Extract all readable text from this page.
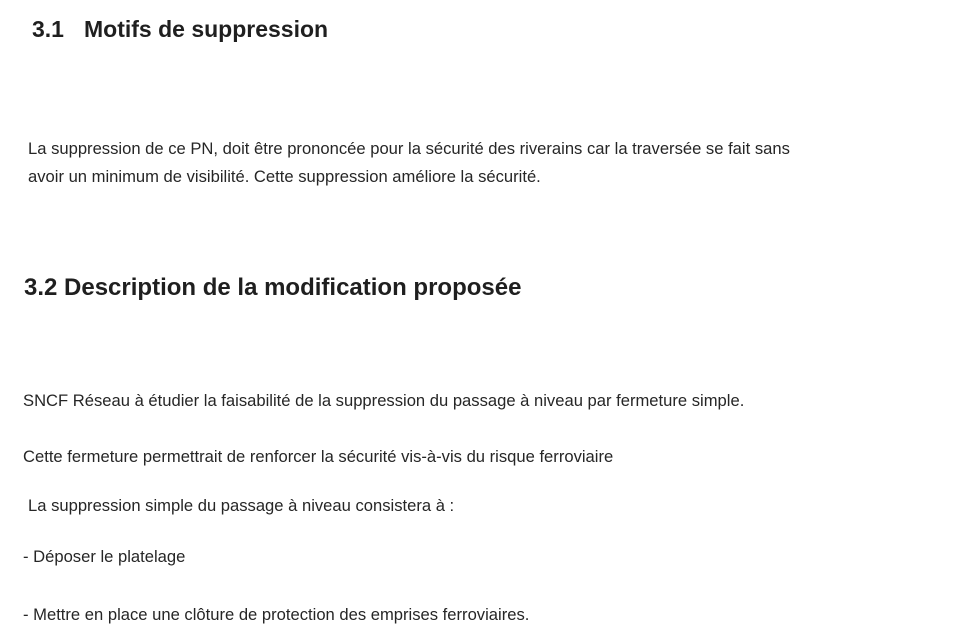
3.1 Motifs de suppression

La suppression de ce PN, doit être prononcée pour la sécurité des riverains car la traversée se fait sans
avoir un minimum de visibilité. Cette suppression améliore la sécurité.

3.2 Description de la modification proposée

SNCF Réseau à étudier la faisabilité de la suppression du passage à niveau par fermeture simple.

Cette fermeture permettrait de renforcer la sécurité vis-à-vis du risque ferroviaire

La suppression simple du passage à niveau consistera à :

- Déposer le platelage

- Mettre en place une clôture de protection des emprises ferroviaires.
